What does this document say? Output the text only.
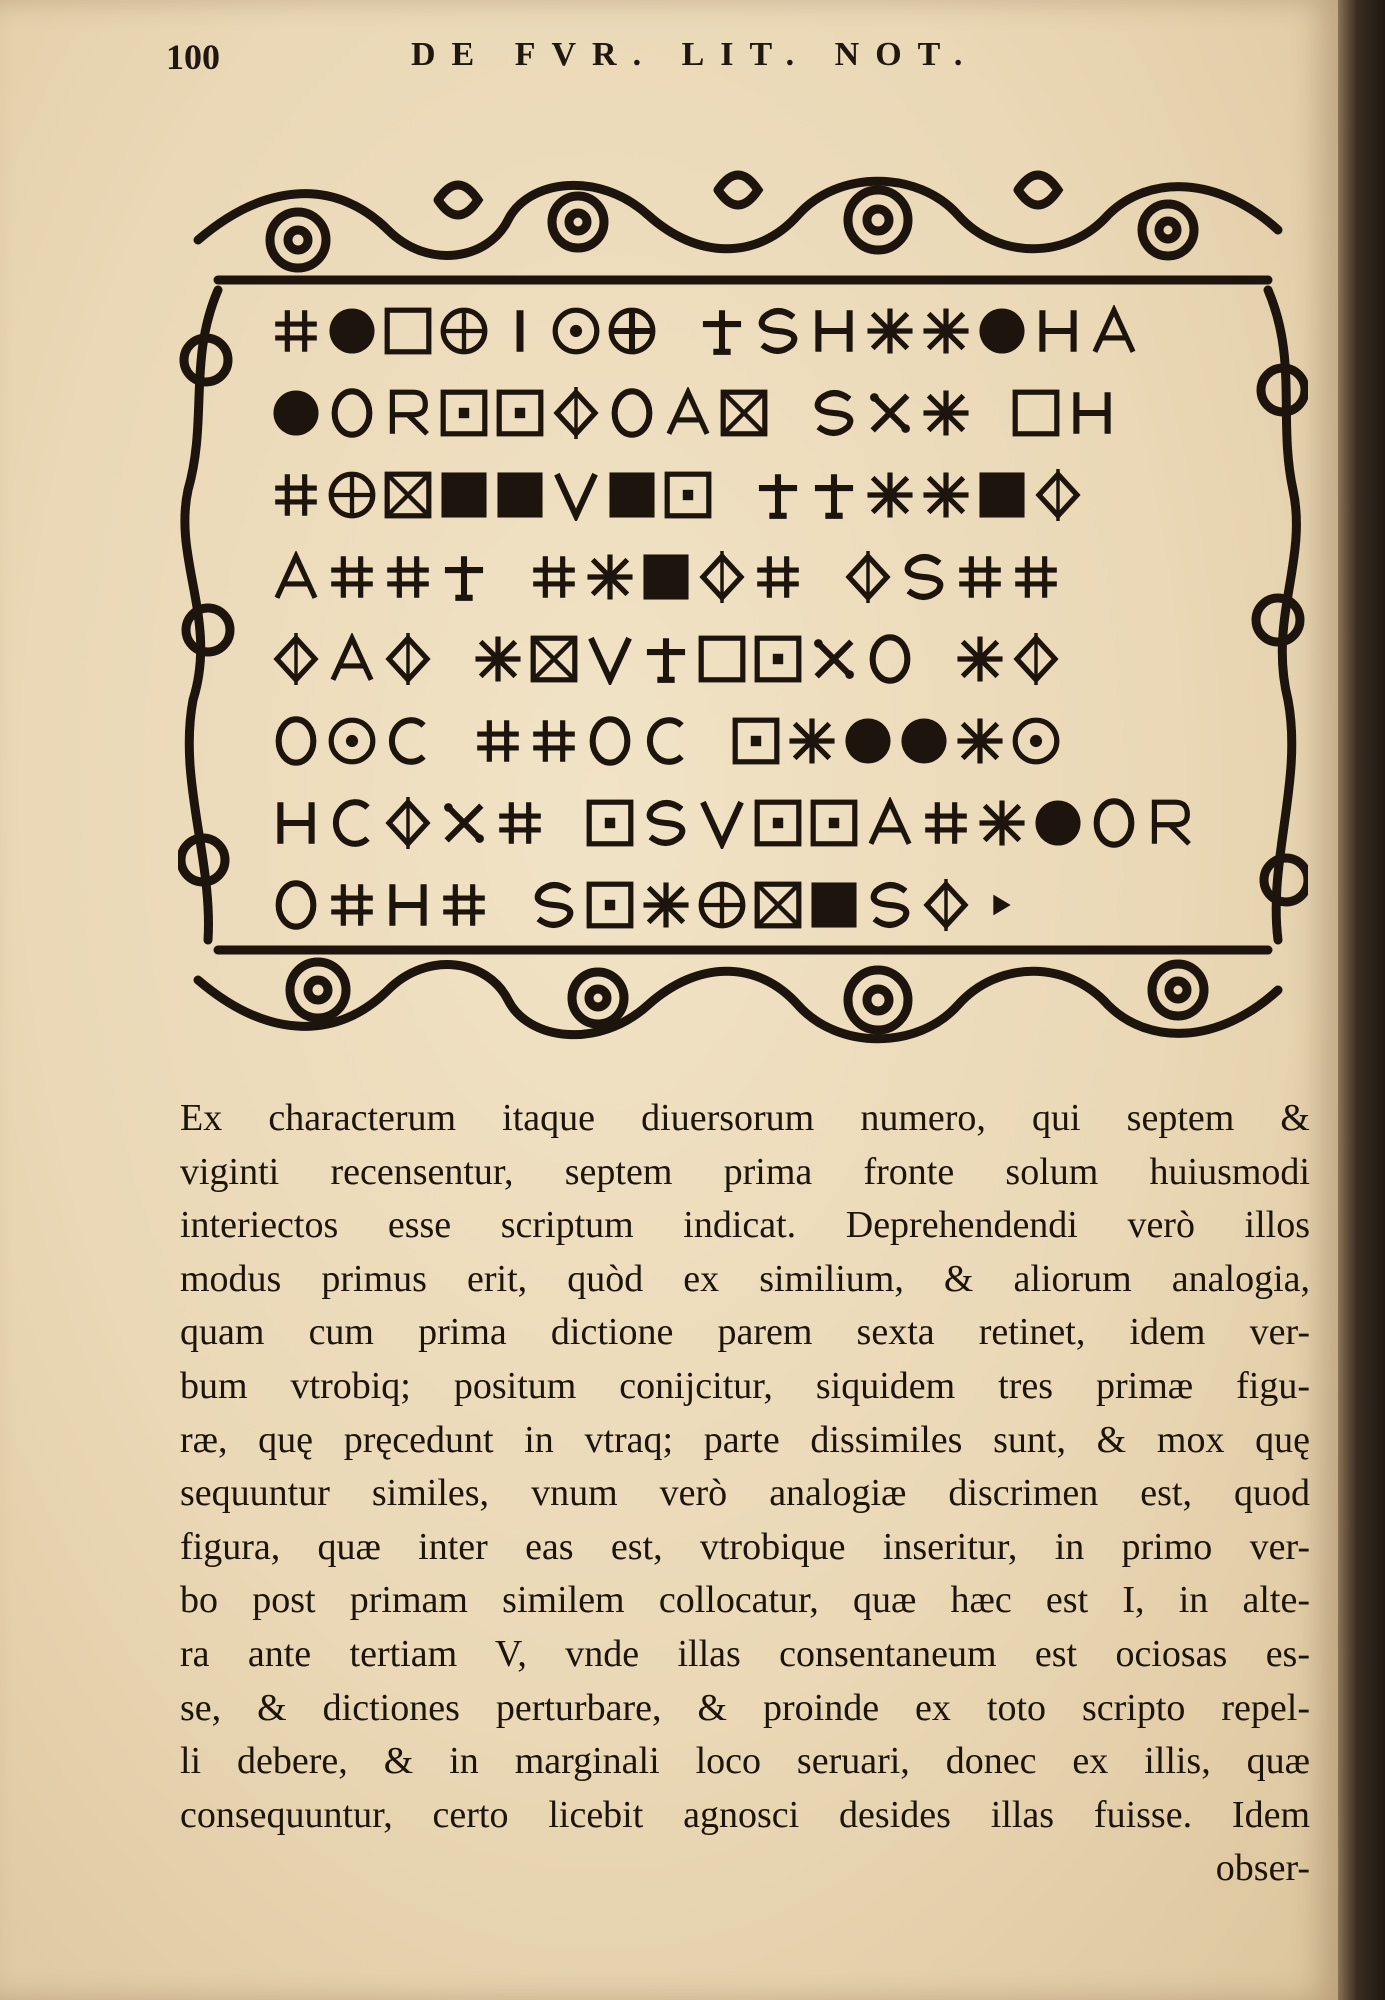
100	DE FVR. LIT. NOT.
Ex characterum itaque diuersorum numero, qui septem &
viginti recensentur, septem prima fronte solum huiusmodi
interiectos esse scriptum indicat. Deprehendendi verò illos
modus primus erit, quòd ex similium, & aliorum analogia,
quam cum prima dictione parem sexta retinet, idem ver-
bum vtrobiq; positum conijcitur, siquidem tres primæ figu-
ræ, quę pręcedunt in vtraq; parte dissimiles sunt, & mox quę
sequuntur similes, vnum verò analogiæ discrimen est, quod
figura, quæ inter eas est, vtrobique inseritur, in primo ver-
bo post primam similem collocatur, quæ hæc est I, in alte-
ra ante tertiam V, vnde illas consentaneum est ociosas es-
se, & dictiones perturbare, & proinde ex toto scripto repel-
li debere, & in marginali loco seruari, donec ex illis, quæ
consequuntur, certo licebit agnosci desides illas fuisse. Idem
obser-
